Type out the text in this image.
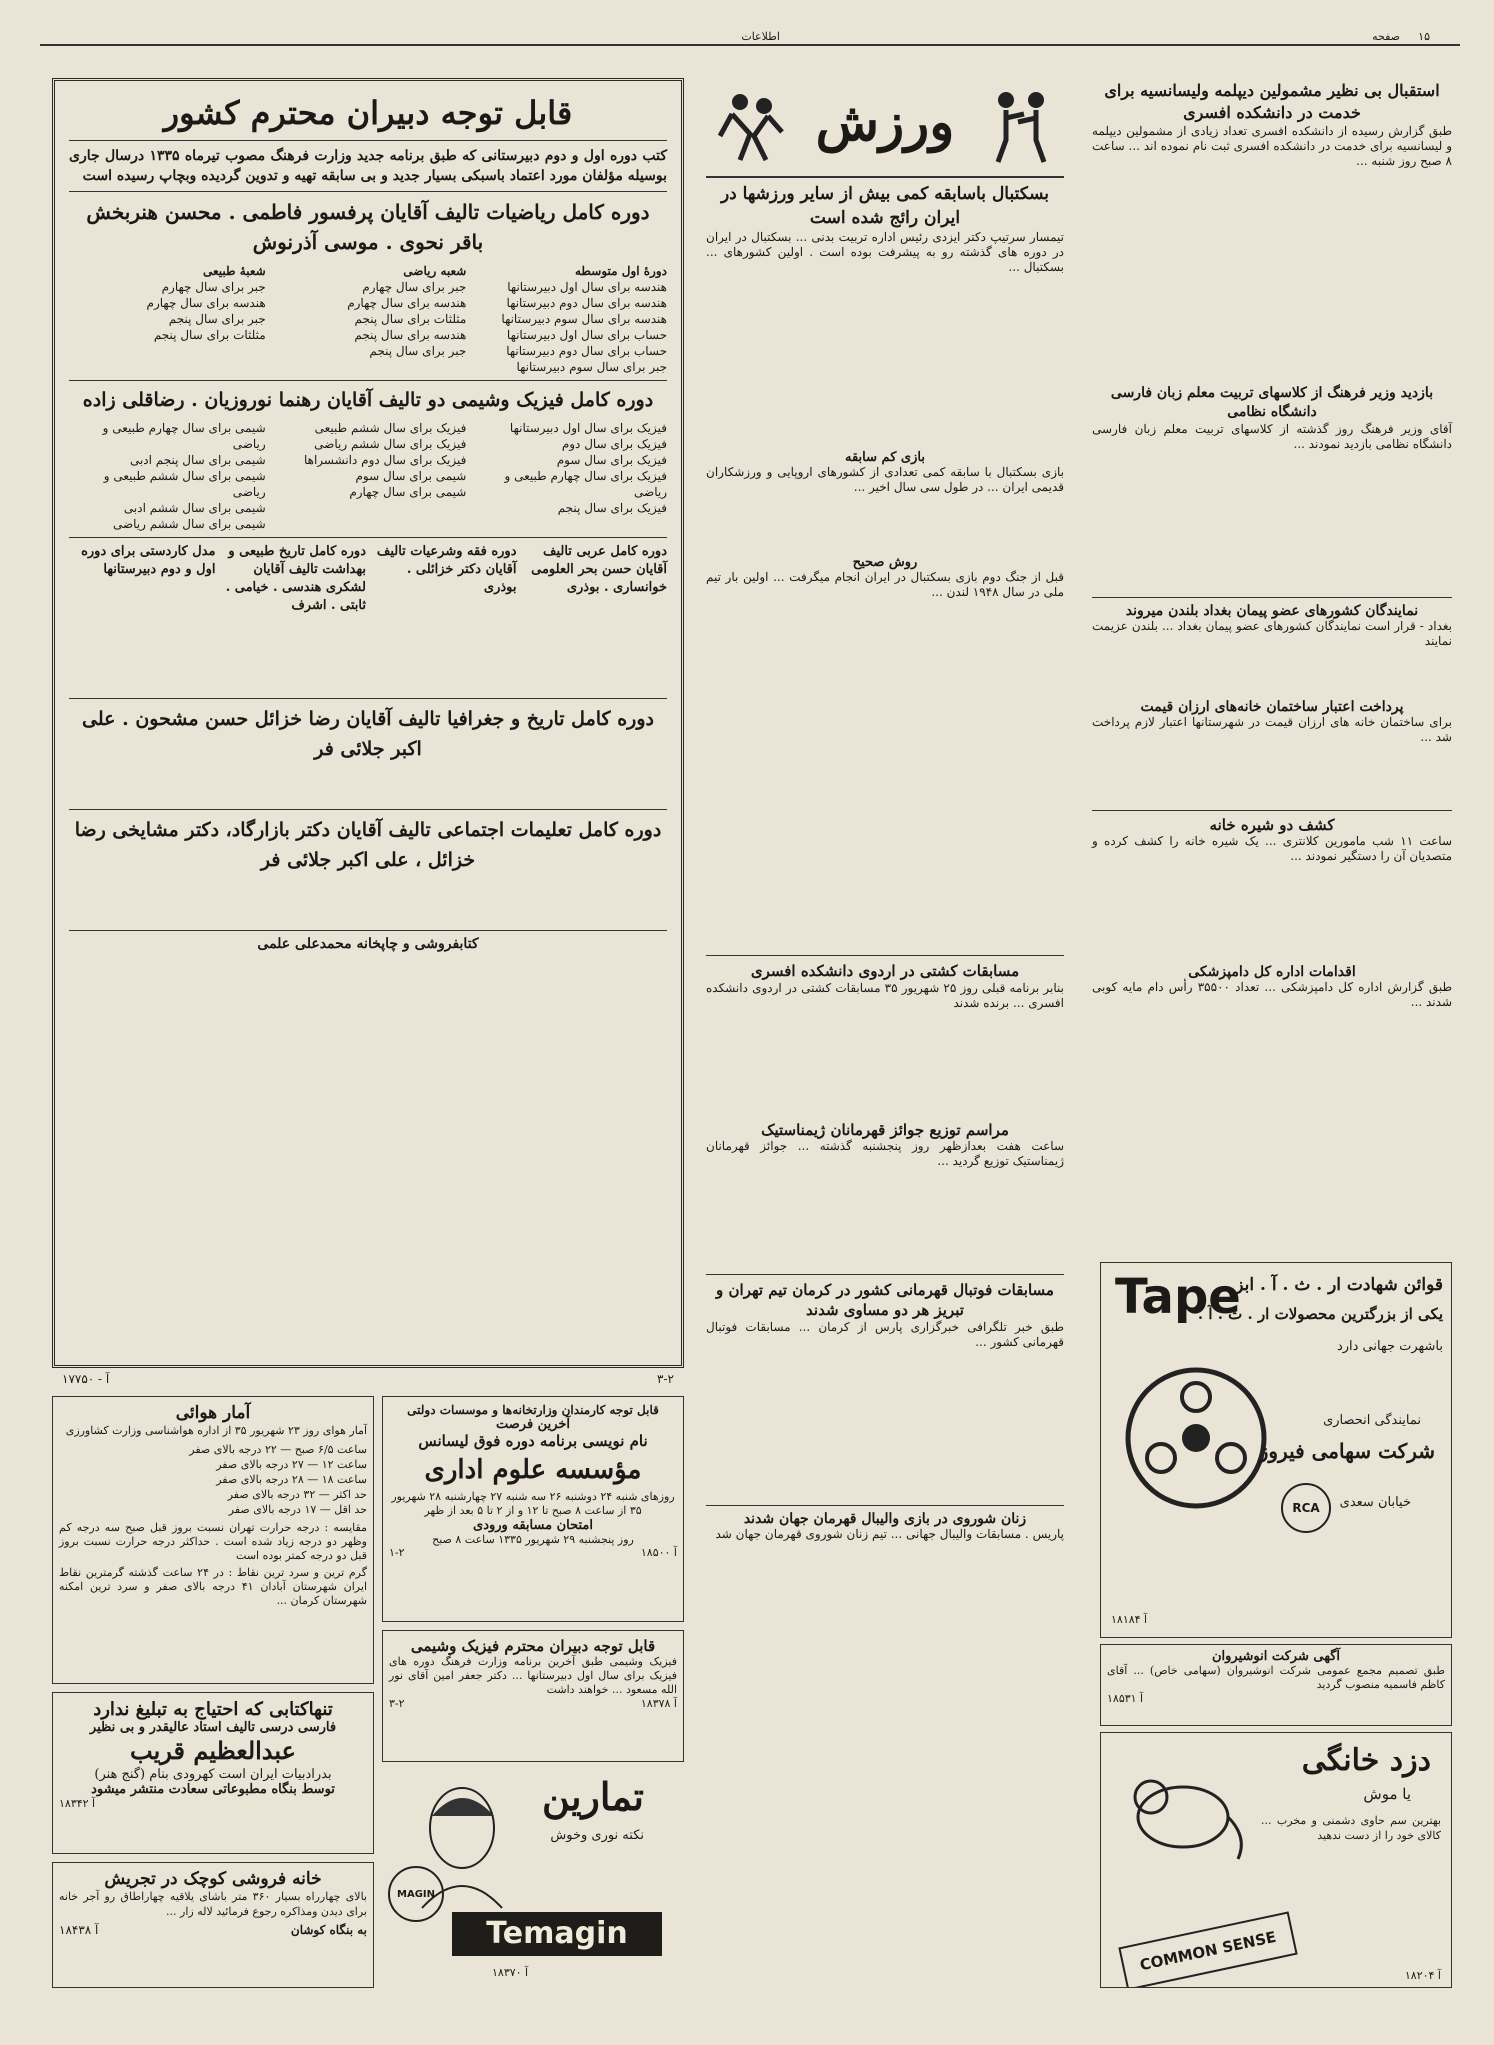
۱۵
صفحه
اطلاعات
قابل توجه دبیران محترم کشور
کتب دوره اول و دوم دبیرستانی که طبق برنامه جدید وزارت فرهنگ مصوب تیرماه ۱۳۳۵ درسال جاری بوسیله مؤلفان مورد اعتماد باسبکی بسیار جدید و بی سابقه تهیه و تدوین گردیده وبچاپ رسیده است
دوره کامل ریاضیات تالیف آقایان پرفسور فاطمی . محسن هنربخش باقر نحوی . موسی آذرنوش
دورهٔ اول متوسطه
هندسه برای سال اول دبیرستانها
هندسه برای سال دوم دبیرستانها
هندسه برای سال سوم دبیرستانها
حساب برای سال اول دبیرستانها
حساب برای سال دوم دبیرستانها
جبر برای سال سوم دبیرستانها
شعبه ریاضی
جبر برای سال چهارم
هندسه برای سال چهارم
مثلثات برای سال پنجم
هندسه برای سال پنجم
جبر برای سال پنجم
شعبهٔ طبیعی
جبر برای سال چهارم
هندسه برای سال چهارم
جبر برای سال پنجم
مثلثات برای سال پنجم
دوره کامل فیزیک وشیمی دو تالیف آقایان رهنما نوروزیان . رضاقلی زاده
فیزیک برای سال اول دبیرستانها
فیزیک برای سال دوم
فیزیک برای سال سوم
فیزیک برای سال چهارم طبیعی و ریاضی
فیزیک برای سال پنجم
فیزیک برای سال ششم طبیعی
فیزیک برای سال ششم ریاضی
فیزیک برای سال دوم دانشسراها
شیمی برای سال سوم
شیمی برای سال چهارم
شیمی برای سال چهارم طبیعی و ریاضی
شیمی برای سال پنجم ادبی
شیمی برای سال ششم طبیعی و ریاضی
شیمی برای سال ششم ادبی
شیمی برای سال ششم ریاضی
دوره کامل عربی تالیف آقایان حسن بحر العلومی خوانساری . بوذری
دوره فقه وشرعیات تالیف آقایان دکتر خزائلی . بوذری
دوره کامل تاریخ طبیعی و بهداشت تالیف آقایان لشکری هندسی . خیامی . ثابتی . اشرف
مدل کاردستی برای دوره اول و دوم دبیرستانها
دوره کامل تاریخ و جغرافیا تالیف آقایان رضا خزائل حسن مشحون . علی اکبر جلائی فر
دوره کامل تعلیمات اجتماعی تالیف آقایان دکتر بازارگاد، دکتر مشایخی رضا خزائل ، علی اکبر جلائی فر
کتابفروشی و چاپخانه محمدعلی علمی
آ - ۱۷۷۵۰	۳-۲
آمار هوائی
آمار هوای روز ۲۳ شهریور ۳۵ از اداره هواشناسی وزارت کشاورزی
ساعت ۶/۵ صبح — ۲۲ درجه بالای صفر
ساعت ۱۲ — ۲۷ درجه بالای صفر
ساعت ۱۸ — ۲۸ درجه بالای صفر
حد اکثر — ۳۲ درجه بالای صفر
حد اقل — ۱۷ درجه بالای صفر
مقایسه : درجه حرارت تهران نسبت بروز قبل صبح سه درجه کم وظهر دو درجه زیاد شده است . حداکثر درجه حرارت نسبت بروز قبل دو درجه کمتر بوده است
گرم ترین و سرد ترین نقاط : در ۲۴ ساعت گذشته گرمترین نقاط ایران شهرستان آبادان ۴۱ درجه بالای صفر و سرد ترین امکنه شهرستان کرمان ...
تنهاکتابی که احتیاج به تبلیغ ندارد
فارسی درسی تالیف استاد عالیقدر و بی نظیر
عبدالعظیم قریب
بدرادبیات ایران است کهرودی بنام (گنج هنر)
توسط بنگاه مطبوعاتی سعادت منتشر میشود
آ ۱۸۳۴۲
خانه فروشی کوچک در تجریش
بالای چهارراه بسیار ۳۶۰ متر باشای یلاقیه چهاراطاق رو آجر خانه برای دیدن ومذاکره رجوع فرمائید لاله زار ...
به بنگاه کوشان
آ ۱۸۴۳۸
قابل توجه کارمندان وزارتخانه‌ها و موسسات دولتی
آخرین فرصت
نام نویسی برنامه دوره فوق لیسانس
مؤسسه علوم اداری
روزهای شنبه ۲۴ دوشنبه ۲۶ سه شنبه ۲۷ چهارشنبه ۲۸ شهریور ۳۵ از ساعت ۸ صبح تا ۱۲ و از ۲ تا ۵ بعد از ظهر
امتحان مسابقه ورودی
روز پنجشنبه ۲۹ شهریور ۱۳۳۵ ساعت ۸ صبح
آ ۱۸۵۰۰
۱-۲
قابل توجه دبیران محترم فیزیک وشیمی
فیزیک وشیمی طبق آخرین برنامه وزارت فرهنگ دوره های فیزیک برای سال اول دبیرستانها ... دکتر جعفر امین آقای نور الله مسعود ... خواهند داشت
آ ۱۸۳۷۸
۳-۲
تمارین
نکته نوری وخوش
MAGIN
Temagin
آ ۱۸۳۷۰
ورزش
بسکتبال باسابقه کمی بیش از سایر ورزشها در ایران رائج شده است
تیمسار سرتیپ دکتر ایزدی رئیس اداره تربیت بدنی ... بسکتبال در ایران در دوره های گذشته رو به پیشرفت بوده است . اولین کشورهای ... بسکتبال ...
بازی کم سابقه
بازی بسکتبال با سابقه کمی تعدادی از کشورهای اروپایی و ورزشکاران قدیمی ایران ... در طول سی سال اخیر ...
روش صحیح
قبل از جنگ دوم بازی بسکتبال در ایران انجام میگرفت ... اولین بار تیم ملی در سال ۱۹۴۸ لندن ...
مسابقات کشتی در اردوی دانشکده افسری
بنابر برنامه قبلی روز ۲۵ شهریور ۳۵ مسابقات کشتی در اردوی دانشکده افسری ... برنده شدند
مراسم توزیع جوائز قهرمانان ژیمناستیک
ساعت هفت بعدازظهر روز پنجشنبه گذشته ... جوائز قهرمانان ژیمناستیک توزیع گردید ...
مسابقات فوتبال قهرمانی کشور در کرمان تیم تهران و تبریز هر دو مساوی شدند
طبق خبر تلگرافی خبرگزاری پارس از کرمان ... مسابقات فوتبال قهرمانی کشور ...
زنان شوروی در بازی والیبال قهرمان جهان شدند
پاریس . مسابقات والیبال جهانی ... تیم زنان شوروی قهرمان جهان شد
استقبال بی نظیر مشمولین دیپلمه ولیسانسیه برای خدمت در دانشکده افسری
طبق گزارش رسیده از دانشکده افسری تعداد زیادی از مشمولین دیپلمه و لیسانسیه برای خدمت در دانشکده افسری ثبت نام نموده اند ... ساعت ۸ صبح روز شنبه ...
بازدید وزیر فرهنگ از کلاسهای تربیت معلم زبان فارسی دانشگاه نظامی
آقای وزیر فرهنگ روز گذشته از کلاسهای تربیت معلم زبان فارسی دانشگاه نظامی بازدید نمودند ...
نمایندگان کشورهای عضو پیمان بغداد بلندن میروند
بغداد - قرار است نمایندگان کشورهای عضو پیمان بغداد ... بلندن عزیمت نمایند
پرداخت اعتبار ساختمان خانه‌های ارزان قیمت
برای ساختمان خانه های ارزان قیمت در شهرستانها اعتبار لازم پرداخت شد ...
کشف دو شیره خانه
ساعت ۱۱ شب مامورین کلانتری ... یک شیره خانه را کشف کرده و متصدیان آن را دستگیر نمودند ...
اقدامات اداره کل دامپزشکی
طبق گزارش اداره کل دامپزشکی ... تعداد ۳۵۵۰۰ رأس دام مایه کوبی شدند ...
Tape
قوائن شهادت ار . ث . آ . ابز
یکی از بزرگترین محصولات ار . ث . آ .
باشهرت جهانی دارد
نمایندگی انحصاری
شرکت سهامی فیروز
RCA خیابان سعدی
آ ۱۸۱۸۴
آگهی شرکت انوشیروان
طبق تصمیم مجمع عمومی شرکت انوشیروان (سهامی خاص) ... آقای کاظم فاسمیه منصوب گردید
آ ۱۸۵۳۱
دزد خانگی
یا موش
بهترین سم حاوی دشمنی و مخرب ... کالای خود را از دست ندهید
COMMON SENSE
آ ۱۸۲۰۴
